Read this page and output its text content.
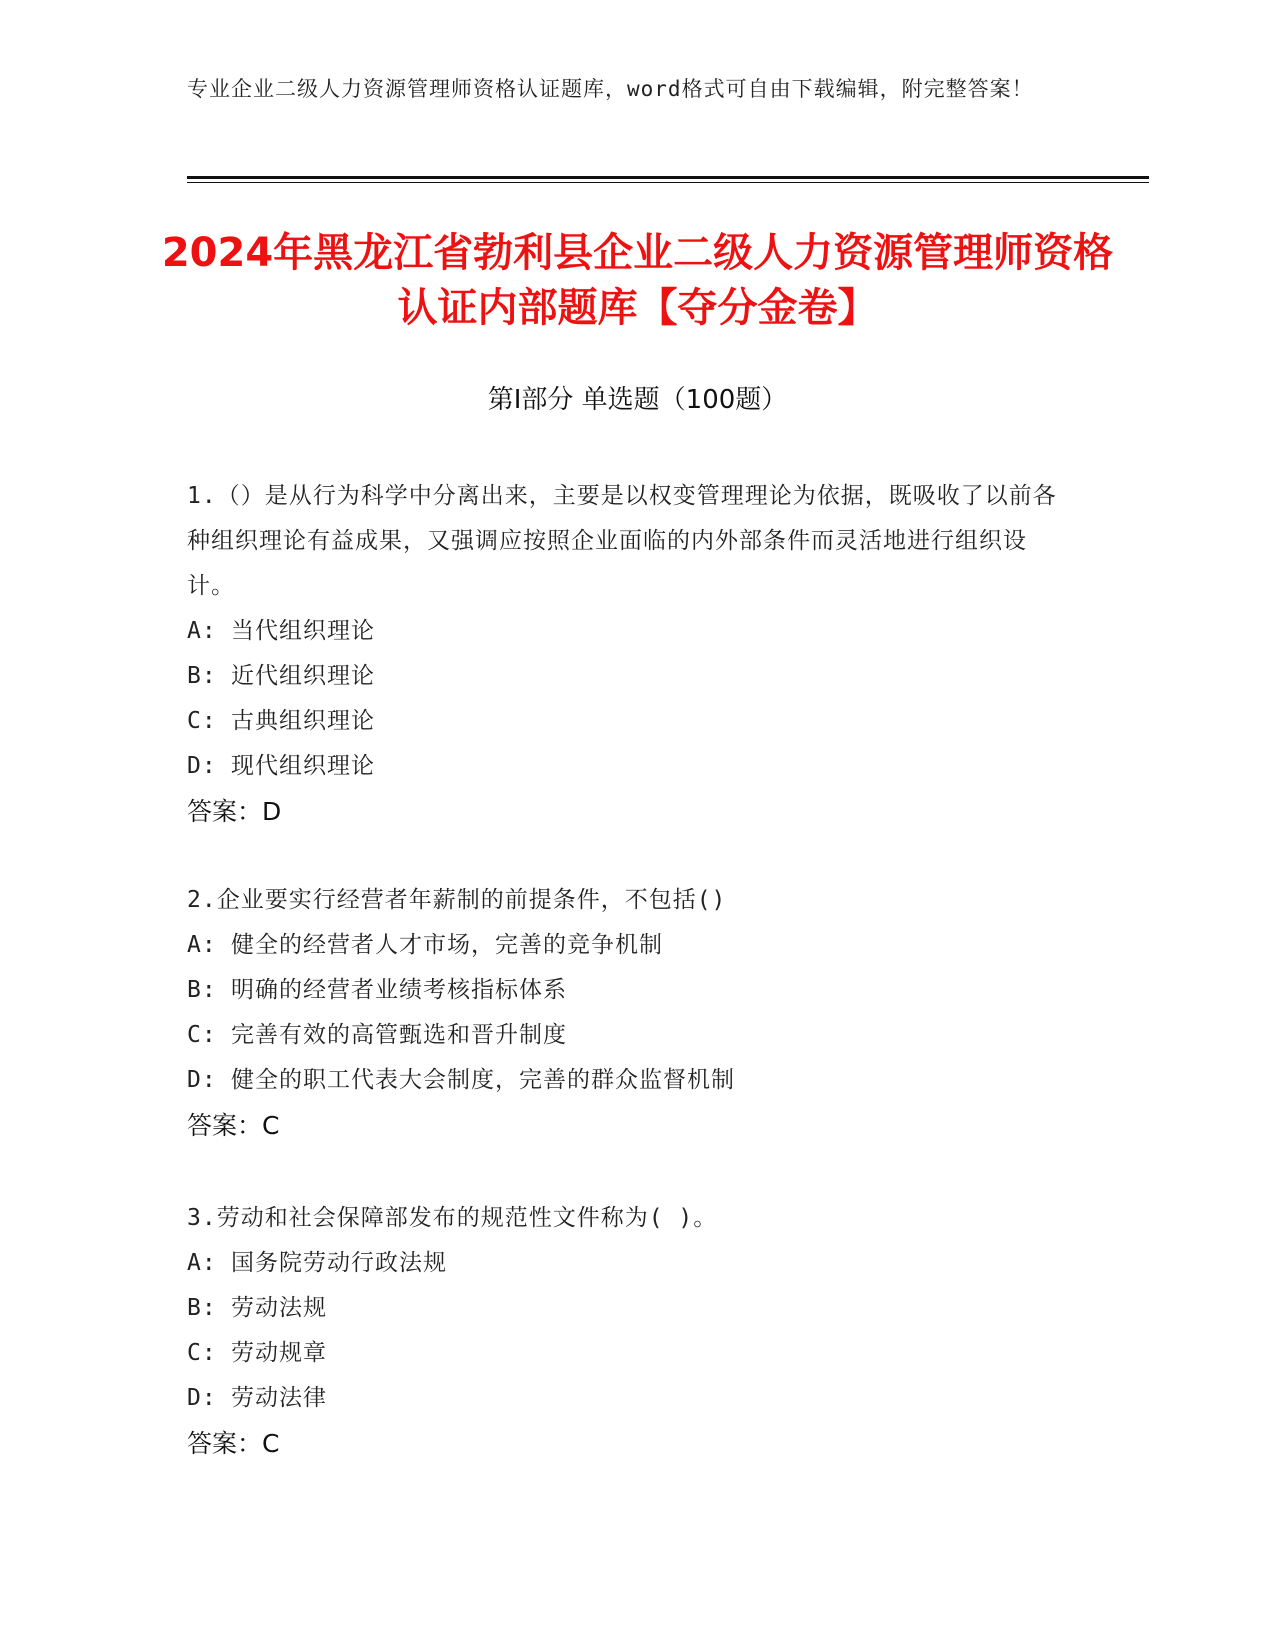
专业企业二级人力资源管理师资格认证题库，word格式可自由下载编辑，附完整答案！
2024年黑龙江省勃利县企业二级人力资源管理师资格认证内部题库【夺分金卷】
第Ⅰ部分 单选题（100题）
1.（）是从行为科学中分离出来，主要是以权变管理理论为依据，既吸收了以前各种组织理论有益成果，又强调应按照企业面临的内外部条件而灵活地进行组织设计。
A: 当代组织理论
B: 近代组织理论
C: 古典组织理论
D: 现代组织理论
答案：D
2.企业要实行经营者年薪制的前提条件，不包括()
A: 健全的经营者人才市场，完善的竞争机制
B: 明确的经营者业绩考核指标体系
C: 完善有效的高管甄选和晋升制度
D: 健全的职工代表大会制度，完善的群众监督机制
答案：C
3.劳动和社会保障部发布的规范性文件称为( )。
A: 国务院劳动行政法规
B: 劳动法规
C: 劳动规章
D: 劳动法律
答案：C
